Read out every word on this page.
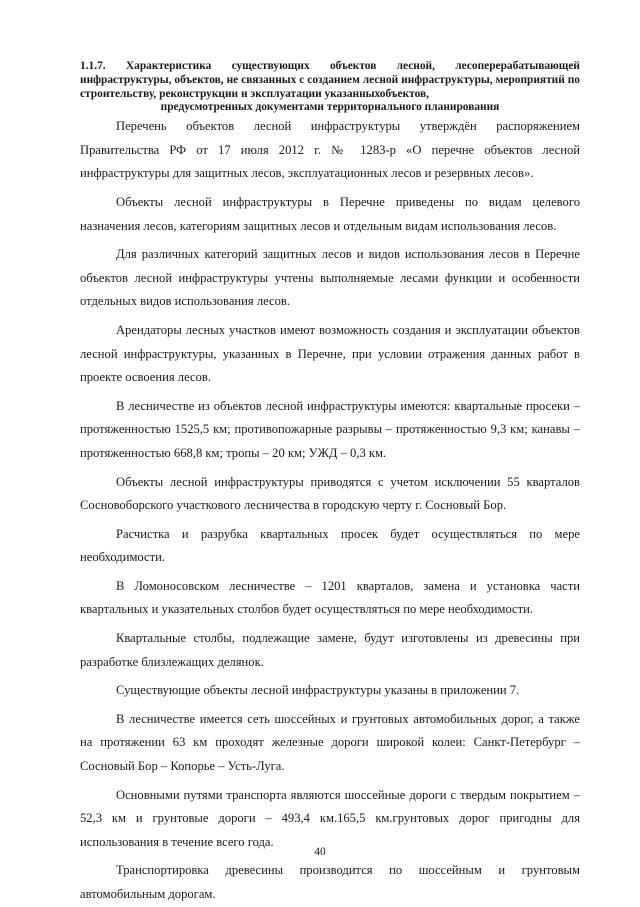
1.1.7. Характеристика существующих объектов лесной, лесоперерабатывающей инфраструктуры, объектов, не связанных с созданием лесной инфраструктуры, мероприятий по строительству, реконструкции и эксплуатации указанныхобъектов,
предусмотренных документами территориального планирования

Перечень объектов лесной инфраструктуры утверждён распоряжением Правительства РФ от 17 июля 2012 г. № 1283-р «О перечне объектов лесной инфраструктуры для защитных лесов, эксплуатационных лесов и резервных лесов».

Объекты лесной инфраструктуры в Перечне приведены по видам целевого назначения лесов, категориям защитных лесов и отдельным видам использования лесов.

Для различных категорий защитных лесов и видов использования лесов в Перечне объектов лесной инфраструктуры учтены выполняемые лесами функции и особенности отдельных видов использования лесов.

Арендаторы лесных участков имеют возможность создания и эксплуатации объектов лесной инфраструктуры, указанных в Перечне, при условии отражения данных работ в проекте освоения лесов.

В лесничестве из объектов лесной инфраструктуры имеются: квартальные просеки – протяженностью 1525,5 км; противопожарные разрывы – протяженностью 9,3 км; канавы – протяженностью 668,8 км; тропы – 20 км; УЖД – 0,3 км.

Объекты лесной инфраструктуры приводятся с учетом исключении 55 кварталов Сосновоборского участкового лесничества в городскую черту г. Сосновый Бор.

Расчистка и разрубка квартальных просек будет осуществляться по мере необходимости.

В Ломоносовском лесничестве – 1201 кварталов, замена и установка части квартальных и указательных столбов будет осуществляться по мере необходимости.

Квартальные столбы, подлежащие замене, будут изготовлены из древесины при разработке близлежащих делянок.

Существующие объекты лесной инфраструктуры указаны в приложении 7.

В лесничестве имеется сеть шоссейных и грунтовых автомобильных дорог, а также на протяжении 63 км проходят железные дороги широкой колеи: Санкт-Петербург – Сосновый Бор – Копорье – Усть-Луга.

Основными путями транспорта являются шоссейные дороги с твердым покрытием – 52,3 км и грунтовые дороги – 493,4 км.165,5 км.грунтовых дорог пригодны для использования в течение всего года.

Транспортировка древесины производится по шоссейным и грунтовым автомобильным дорогам.

40
